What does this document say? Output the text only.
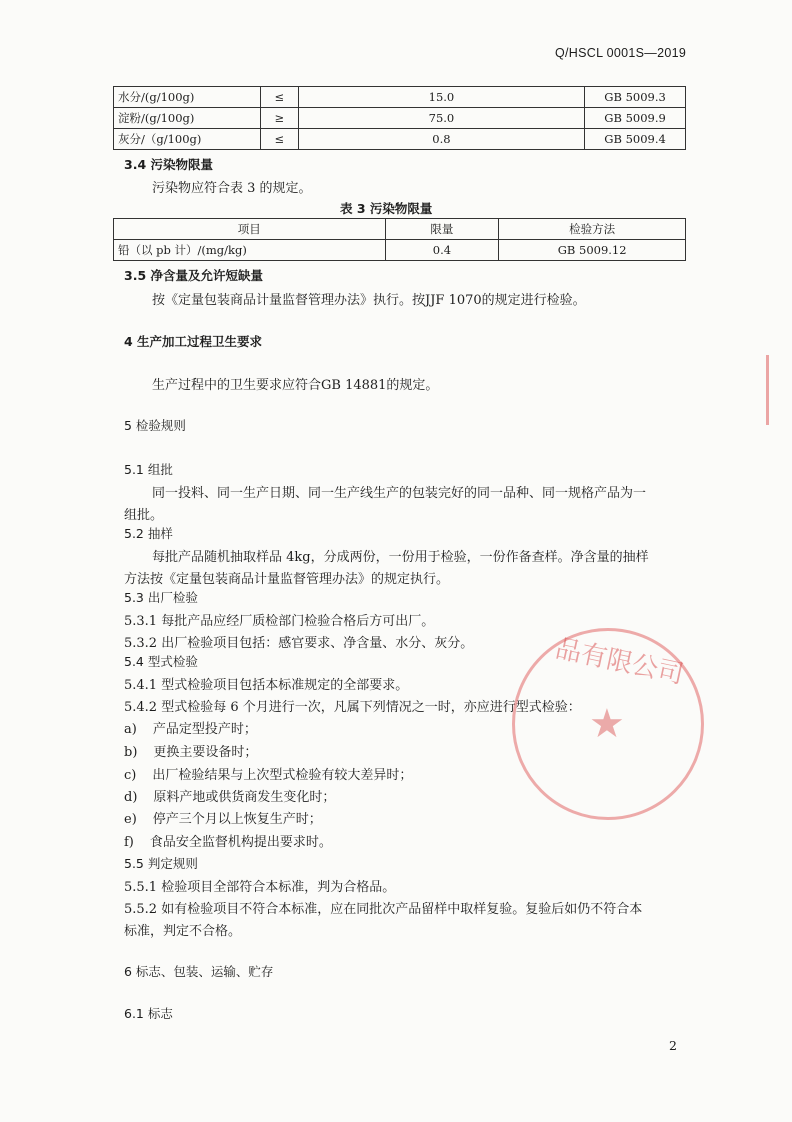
Q/HSCL 0001S—2019
水分/(g/100g)	≤	15.0	GB 5009.3
淀粉/(g/100g)	≥	75.0	GB 5009.9
灰分/（g/100g)	≤	0.8	GB 5009.4
3.4 污染物限量
污染物应符合表 3 的规定。
表 3 污染物限量
项目	限量	检验方法
铅（以 pb 计）/(mg/kg)	0.4	GB 5009.12
3.5 净含量及允许短缺量
按《定量包装商品计量监督管理办法》执行。按JJF 1070的规定进行检验。
4 生产加工过程卫生要求
生产过程中的卫生要求应符合GB 14881的规定。
5 检验规则
5.1 组批
同一投料、同一生产日期、同一生产线生产的包装完好的同一品种、同一规格产品为一
组批。
5.2 抽样
每批产品随机抽取样品 4kg，分成两份，一份用于检验，一份作备查样。净含量的抽样
方法按《定量包装商品计量监督管理办法》的规定执行。
5.3 出厂检验
5.3.1 每批产品应经厂质检部门检验合格后方可出厂。
5.3.2 出厂检验项目包括：感官要求、净含量、水分、灰分。
5.4 型式检验
5.4.1 型式检验项目包括本标准规定的全部要求。
5.4.2 型式检验每 6 个月进行一次，凡属下列情况之一时，亦应进行型式检验：
a) 产品定型投产时；
b) 更换主要设备时；
c) 出厂检验结果与上次型式检验有较大差异时；
d) 原料产地或供货商发生变化时；
e) 停产三个月以上恢复生产时；
f) 食品安全监督机构提出要求时。
5.5 判定规则
5.5.1 检验项目全部符合本标准，判为合格品。
5.5.2 如有检验项目不符合本标准，应在同批次产品留样中取样复验。复验后如仍不符合本
标准，判定不合格。
6 标志、包装、运输、贮存
6.1 标志
2
品有限公司
★
